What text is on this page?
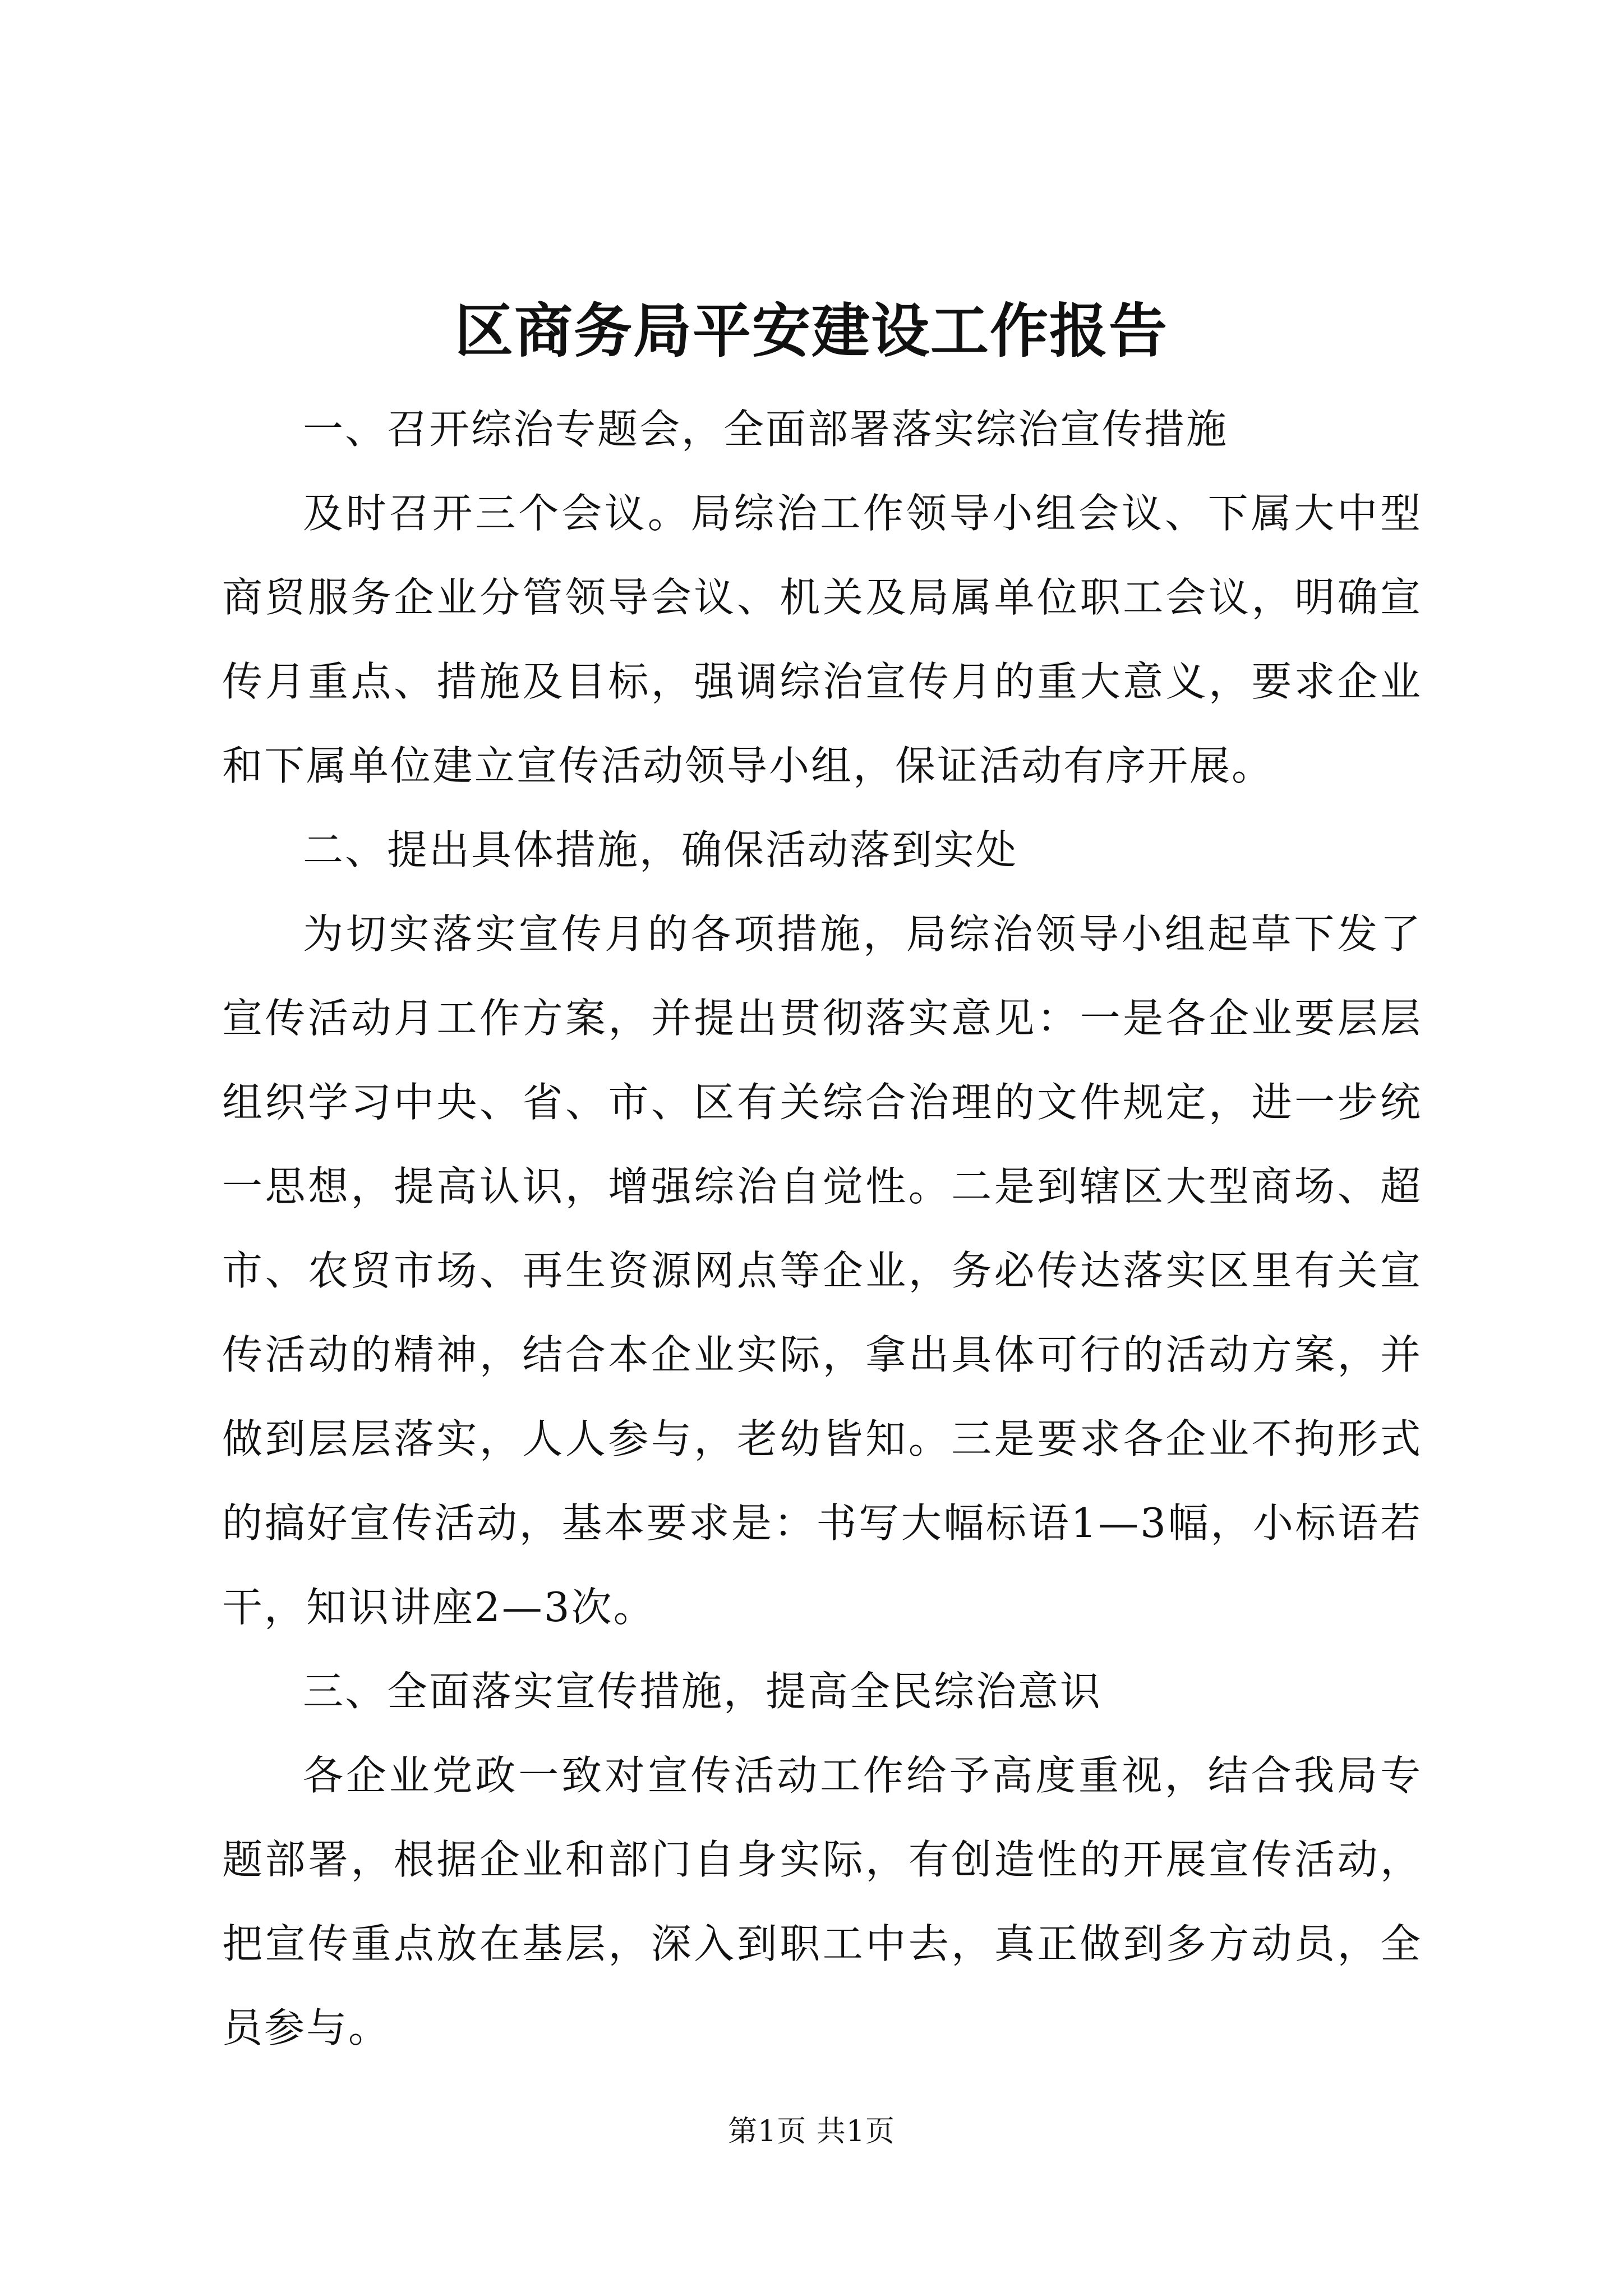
区商务局平安建设工作报告

一、召开综治专题会，全面部署落实综治宣传措施

及时召开三个会议。局综治工作领导小组会议、下属大中型商贸服务企业分管领导会议、机关及局属单位职工会议，明确宣传月重点、措施及目标，强调综治宣传月的重大意义，要求企业和下属单位建立宣传活动领导小组，保证活动有序开展。

二、提出具体措施，确保活动落到实处

为切实落实宣传月的各项措施，局综治领导小组起草下发了宣传活动月工作方案，并提出贯彻落实意见：一是各企业要层层组织学习中央、省、市、区有关综合治理的文件规定，进一步统一思想，提高认识，增强综治自觉性。二是到辖区大型商场、超市、农贸市场、再生资源网点等企业，务必传达落实区里有关宣传活动的精神，结合本企业实际，拿出具体可行的活动方案，并做到层层落实，人人参与，老幼皆知。三是要求各企业不拘形式的搞好宣传活动，基本要求是：书写大幅标语1—3幅，小标语若干，知识讲座2—3次。

三、全面落实宣传措施，提高全民综治意识

各企业党政一致对宣传活动工作给予高度重视，结合我局专题部署，根据企业和部门自身实际，有创造性的开展宣传活动，把宣传重点放在基层，深入到职工中去，真正做到多方动员，全员参与。

第1页 共1页
